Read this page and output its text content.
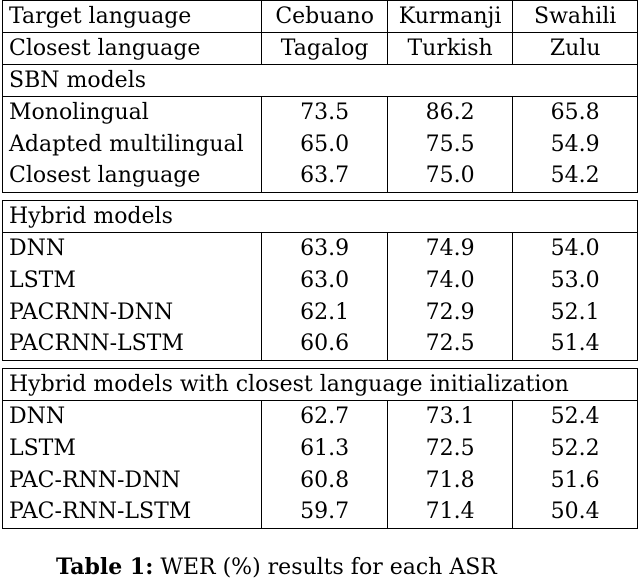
Target language	Cebuano	Kurmanji	Swahili
Closest language	Tagalog	Turkish	Zulu
SBN models			
Monolingual	73.5	86.2	65.8
Adapted multilingual	65.0	75.5	54.9
Closest language	63.7	75.0	54.2

Hybrid models			
DNN	63.9	74.9	54.0
LSTM	63.0	74.0	53.0
PACRNN-DNN	62.1	72.9	52.1
PACRNN-LSTM	60.6	72.5	51.4

Hybrid models with closest language initialization			
DNN	62.7	73.1	52.4
LSTM	61.3	72.5	52.2
PAC-RNN-DNN	60.8	71.8	51.6
PAC-RNN-LSTM	59.7	71.4	50.4
Table 1: WER (%) results for each ASR
